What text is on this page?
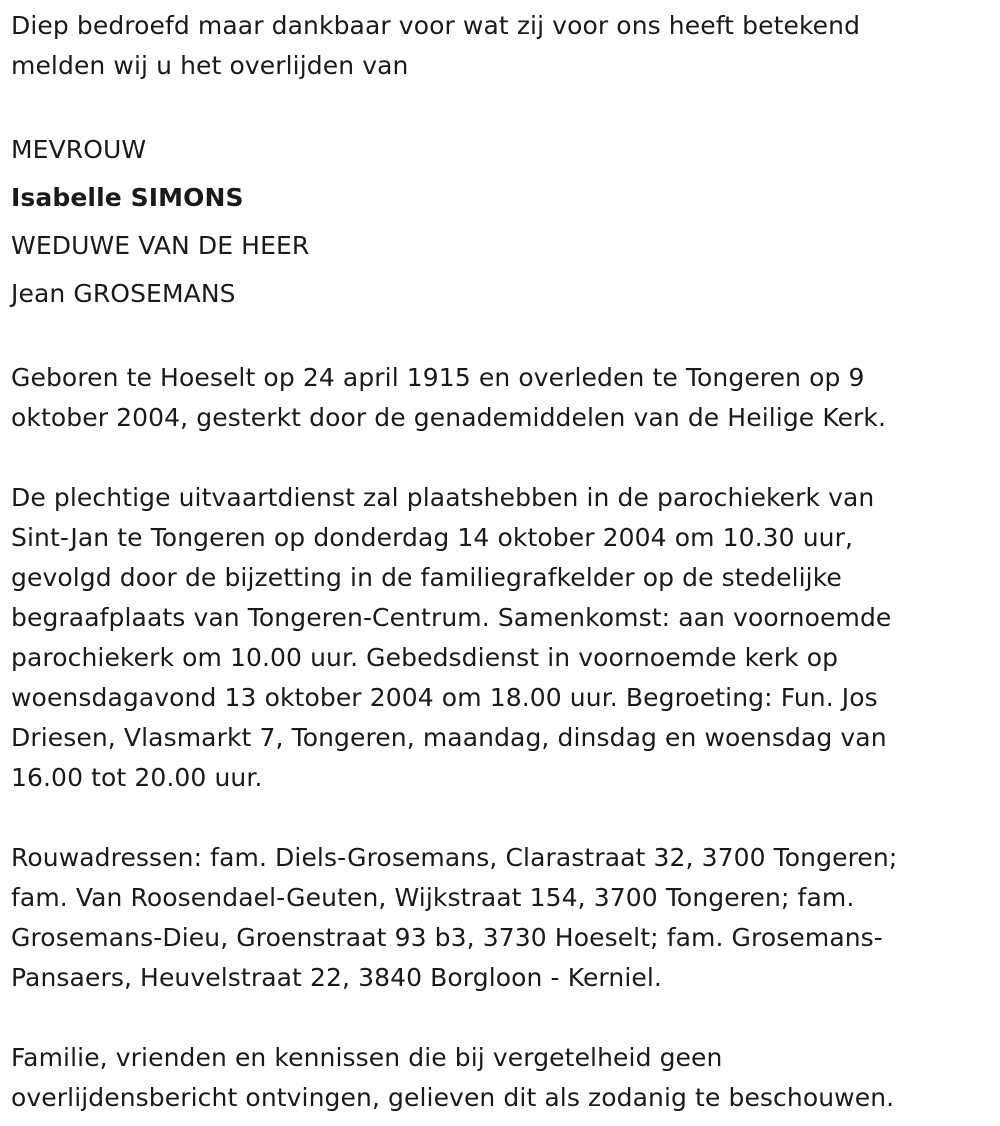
Diep bedroefd maar dankbaar voor wat zij voor ons heeft betekend
melden wij u het overlijden van
MEVROUW
Isabelle SIMONS
WEDUWE VAN DE HEER
Jean GROSEMANS
Geboren te Hoeselt op 24 april 1915 en overleden te Tongeren op 9
oktober 2004, gesterkt door de genademiddelen van de Heilige Kerk.
De plechtige uitvaartdienst zal plaatshebben in de parochiekerk van
Sint-Jan te Tongeren op donderdag 14 oktober 2004 om 10.30 uur,
gevolgd door de bijzetting in de familiegrafkelder op de stedelijke
begraafplaats van Tongeren-Centrum. Samenkomst: aan voornoemde
parochiekerk om 10.00 uur. Gebedsdienst in voornoemde kerk op
woensdagavond 13 oktober 2004 om 18.00 uur. Begroeting: Fun. Jos
Driesen, Vlasmarkt 7, Tongeren, maandag, dinsdag en woensdag van
16.00 tot 20.00 uur.
Rouwadressen: fam. Diels-Grosemans, Clarastraat 32, 3700 Tongeren;
fam. Van Roosendael-Geuten, Wijkstraat 154, 3700 Tongeren; fam.
Grosemans-Dieu, Groenstraat 93 b3, 3730 Hoeselt; fam. Grosemans-
Pansaers, Heuvelstraat 22, 3840 Borgloon - Kerniel.
Familie, vrienden en kennissen die bij vergetelheid geen
overlijdensbericht ontvingen, gelieven dit als zodanig te beschouwen.
